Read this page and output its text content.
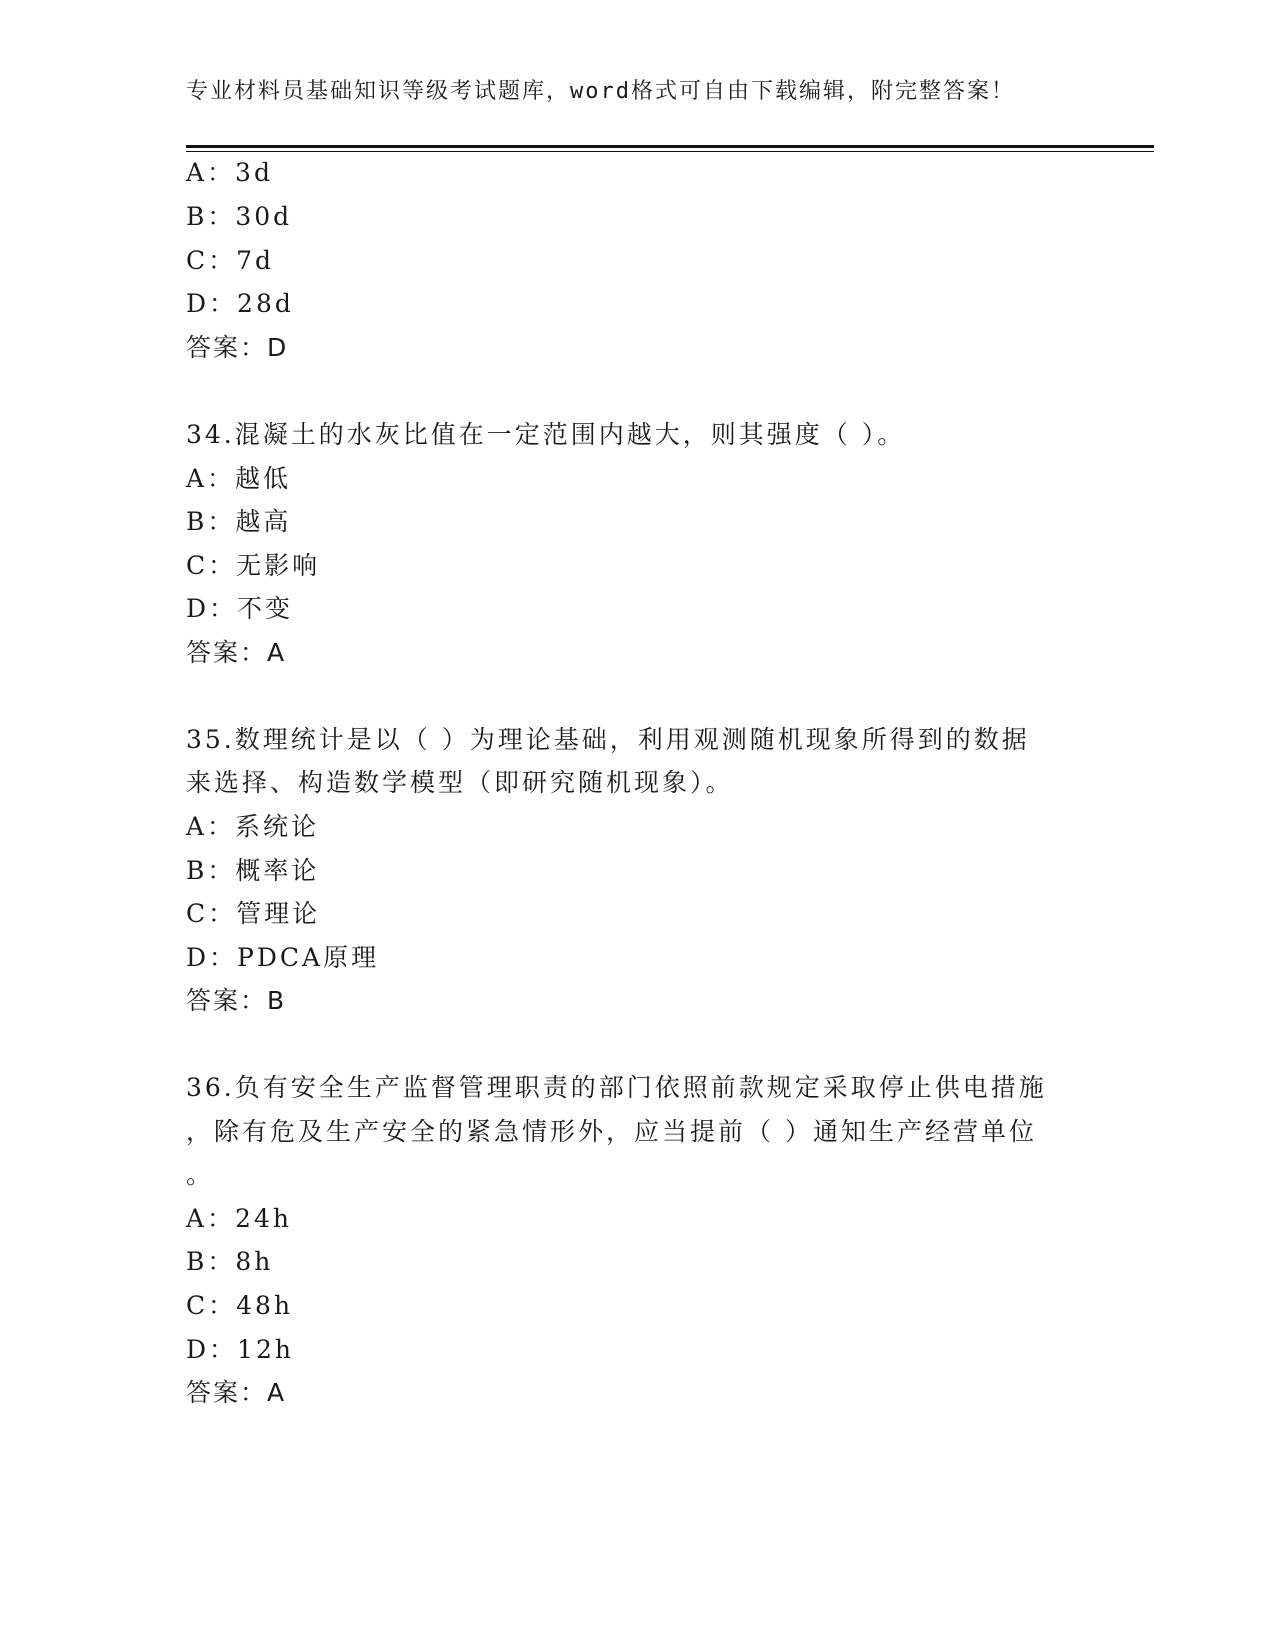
专业材料员基础知识等级考试题库，word格式可自由下载编辑，附完整答案！
A：3d
B：30d
C：7d
D：28d
答案：D
34.混凝土的水灰比值在一定范围内越大，则其强度（ ）。
A：越低
B：越高
C：无影响
D：不变
答案：A
35.数理统计是以（ ）为理论基础，利用观测随机现象所得到的数据
来选择、构造数学模型（即研究随机现象）。
A：系统论
B：概率论
C：管理论
D：PDCA原理
答案：B
36.负有安全生产监督管理职责的部门依照前款规定采取停止供电措施
，除有危及生产安全的紧急情形外，应当提前（ ）通知生产经营单位
。
A：24h
B：8h
C：48h
D：12h
答案：A
